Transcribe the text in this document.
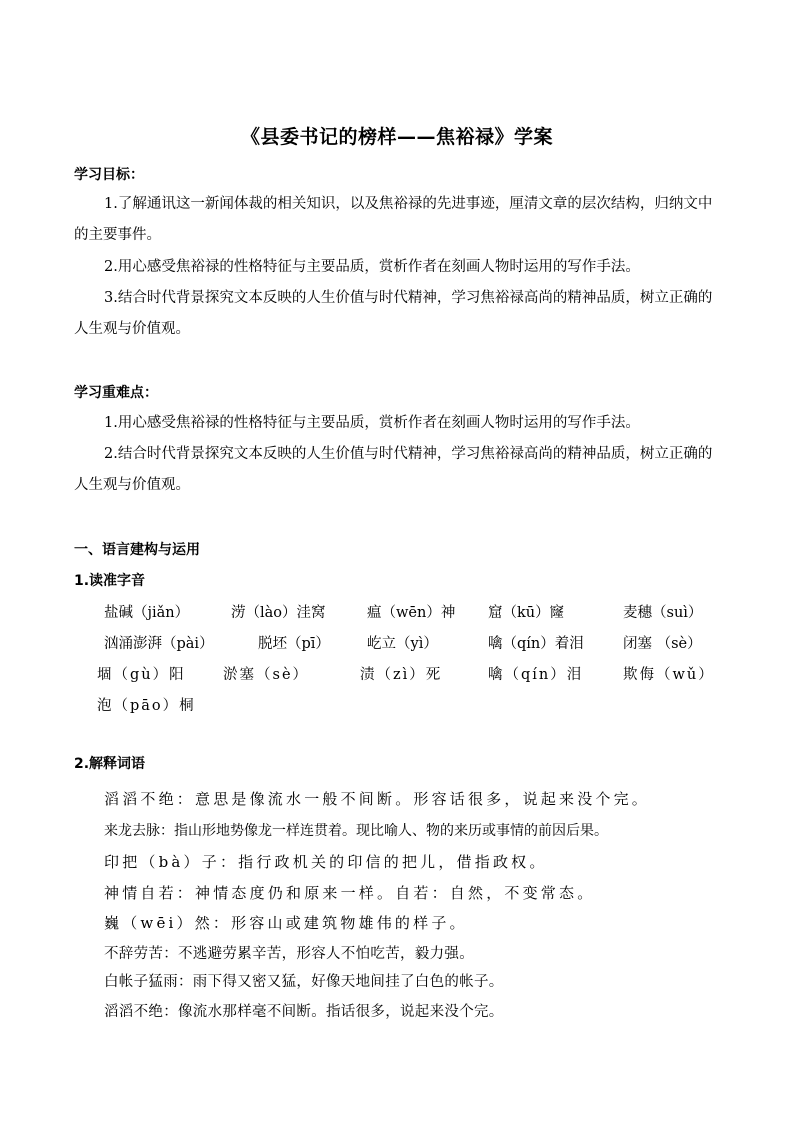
《县委书记的榜样——焦裕禄》学案
学习目标：
1.了解通讯这一新闻体裁的相关知识，以及焦裕禄的先进事迹，厘清文章的层次结构，归纳文中的主要事件。
2.用心感受焦裕禄的性格特征与主要品质，赏析作者在刻画人物时运用的写作手法。
3.结合时代背景探究文本反映的人生价值与时代精神，学习焦裕禄高尚的精神品质，树立正确的人生观与价值观。
学习重难点：
1.用心感受焦裕禄的性格特征与主要品质，赏析作者在刻画人物时运用的写作手法。
2.结合时代背景探究文本反映的人生价值与时代精神，学习焦裕禄高尚的精神品质，树立正确的人生观与价值观。
一、语言建构与运用
1.读准字音
盐碱（jiǎn）	涝（lào）洼窝	瘟（wēn）神 窟（kū）窿	麦穗（suì）
汹涌澎湃（pài）	脱坯（pī）	屹立（yì）	噙（qín）着泪	闭塞 （sè）
堌（gù）阳	淤塞（sè）	渍（zì）死	噙（qín）泪	欺侮（wǔ）
泡（pāo）桐
2.解释词语
滔滔不绝：意思是像流水一般不间断。形容话很多，说起来没个完。
来龙去脉：指山形地势像龙一样连贯着。现比喻人、物的来历或事情的前因后果。
印把（bà）子：指行政机关的印信的把儿，借指政权。
神情自若：神情态度仍和原来一样。自若：自然，不变常态。
巍（wēi）然：形容山或建筑物雄伟的样子。
不辞劳苦：不逃避劳累辛苦，形容人不怕吃苦，毅力强。
白帐子猛雨：雨下得又密又猛，好像天地间挂了白色的帐子。
滔滔不绝：像流水那样毫不间断。指话很多，说起来没个完。
